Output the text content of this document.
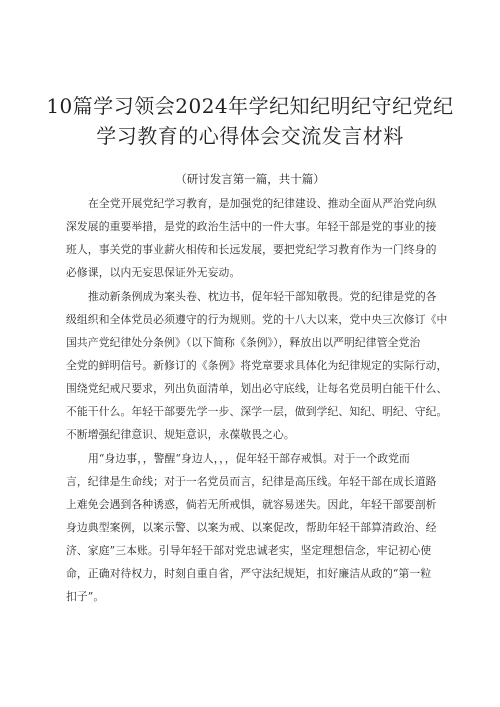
10篇学习领会2024年学纪知纪明纪守纪党纪
学习教育的心得体会交流发言材料
（研讨发言第一篇，共十篇）
在全党开展党纪学习教育，是加强党的纪律建设、推动全面从严治党向纵
深发展的重要举措，是党的政治生活中的一件大事。年轻干部是党的事业的接
班人，事关党的事业薪火相传和长远发展，要把党纪学习教育作为一门终身的
必修课，以内无妄思保证外无妄动。
推动新条例成为案头卷、枕边书，促年轻干部知敬畏。党的纪律是党的各
级组织和全体党员必须遵守的行为规则。党的十八大以来，党中央三次修订《中
国共产党纪律处分条例》（以下简称《条例》），释放出以严明纪律管全党治
全党的鲜明信号。新修订的《条例》将党章要求具体化为纪律规定的实际行动，
围绕党纪戒尺要求，列出负面清单，划出必守底线，让每名党员明白能干什么、
不能干什么。年轻干部要先学一步、深学一层，做到学纪、知纪、明纪、守纪。
不断增强纪律意识、规矩意识，永葆敬畏之心。
用“身边事，，警醒“身边人，，，促年轻干部存戒惧。对于一个政党而
言，纪律是生命线；对于一名党员而言，纪律是高压线。年轻干部在成长道路
上难免会遇到各种诱惑，倘若无所戒惧，就容易迷失。因此，年轻干部要剖析
身边典型案例，以案示警、以案为戒、以案促改，帮助年轻干部算清政治、经
济、家庭”三本账。引导年轻干部对党忠诚老实，坚定理想信念，牢记初心使
命，正确对待权力，时刻自重自省，严守法纪规矩，扣好廉洁从政的“第一粒
扣子”。
